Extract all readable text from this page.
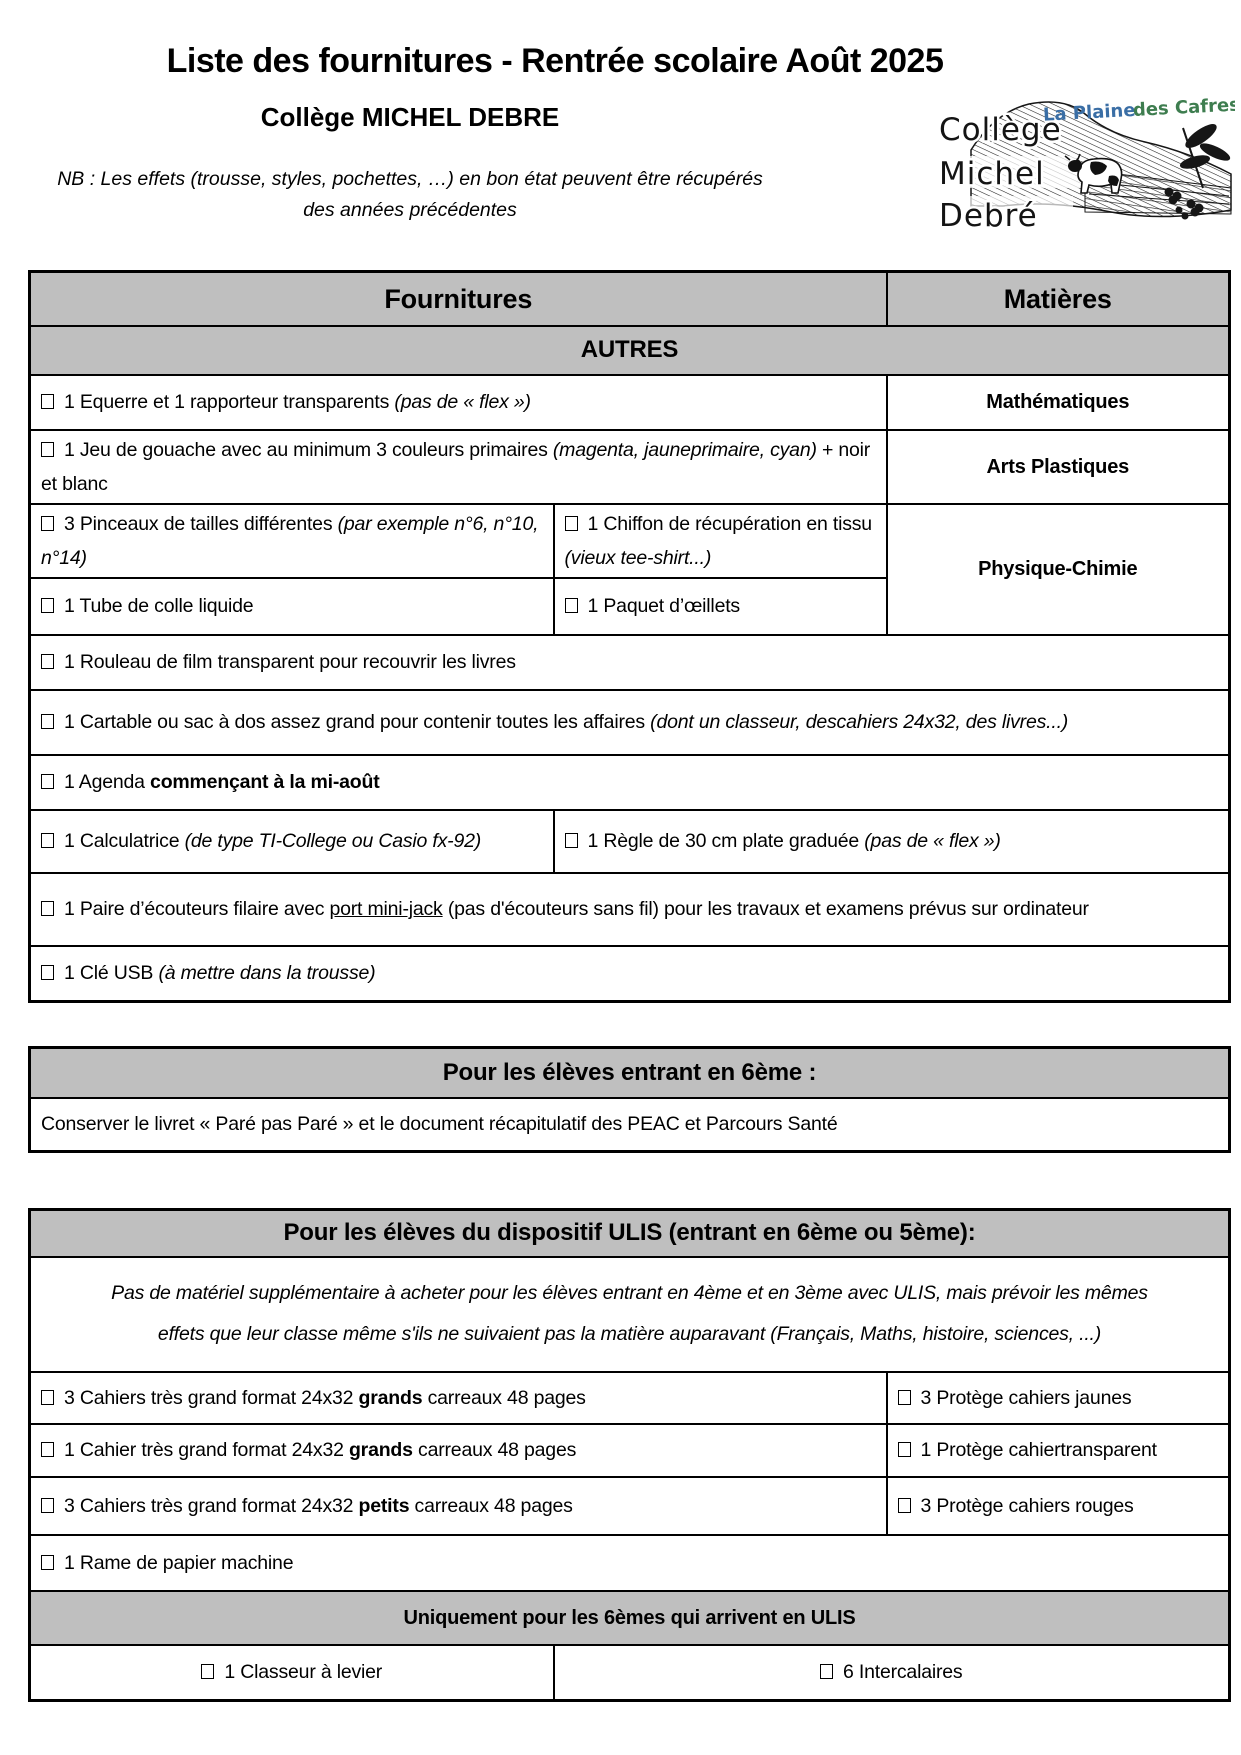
Liste des fournitures - Rentrée scolaire Août 2025
Collège MICHEL DEBRE
NB : Les effets (trousse, styles, pochettes, …) en bon état peuvent être récupérés
des années précédentes
Collège
Michel
Debré
La Plaine
des Cafres
Fournitures		Matières
AUTRES		
1 Equerre et 1 rapporteur transparents (pas de « flex »)		Mathématiques
1 Jeu de gouache avec au minimum 3 couleurs primaires (magenta, jauneprimaire, cyan) + noir et blanc		Arts Plastiques
3 Pinceaux de tailles différentes (par exemple n°6, n°10, n°14)	1 Chiffon de récupération en tissu (vieux tee-shirt...)	Physique-Chimie
1 Tube de colle liquide	1 Paquet d’œillets	
1 Rouleau de film transparent pour recouvrir les livres		
1 Cartable ou sac à dos assez grand pour contenir toutes les affaires (dont un classeur, descahiers 24x32, des livres...)		
1 Agenda commençant à la mi-août		
1 Calculatrice (de type TI-College ou Casio fx-92)	1 Règle de 30 cm plate graduée (pas de « flex »)	
1 Paire d’écouteurs filaire avec port mini-jack (pas d'écouteurs sans fil) pour les travaux et examens prévus sur ordinateur		
1 Clé USB (à mettre dans la trousse)		
Pour les élèves entrant en 6ème :
Conserver le livret « Paré pas Paré » et le document récapitulatif des PEAC et Parcours Santé
Pour les élèves du dispositif ULIS (entrant en 6ème ou 5ème):		

Pas de matériel supplémentaire à acheter pour les élèves entrant en 4ème et en 3ème avec ULIS, mais prévoir les mêmes
effets que leur classe même s'ils ne suivaient pas la matière auparavant (Français, Maths, histoire, sciences, ...)		

3 Cahiers très grand format 24x32 grands carreaux 48 pages		3 Protège cahiers jaunes
1 Cahier très grand format 24x32 grands carreaux 48 pages		1 Protège cahiertransparent
3 Cahiers très grand format 24x32 petits carreaux 48 pages		3 Protège cahiers rouges
1 Rame de papier machine		
Uniquement pour les 6èmes qui arrivent en ULIS		
1 Classeur à levier	6 Intercalaires	
